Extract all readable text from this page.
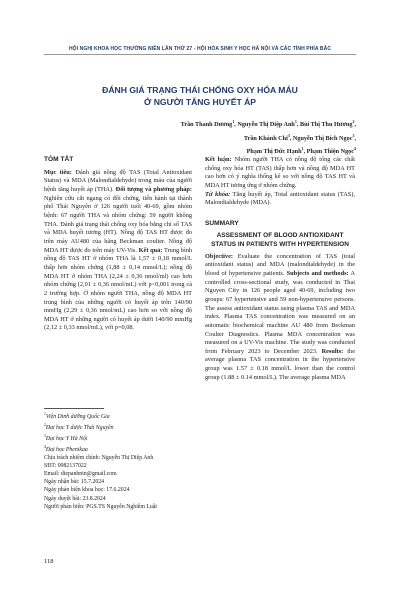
HỘI NGHỊ KHOA HỌC THƯỜNG NIÊN LẦN THỨ 27 - HỘI HÓA SINH Y HỌC HÀ NỘI VÀ CÁC TỈNH PHÍA BẮC
ĐÁNH GIÁ TRẠNG THÁI CHỐNG OXY HÓA MÁU
Ở NGƯỜI TĂNG HUYẾT ÁP
Trần Thanh Dương$^1$, Nguyễn Thị Diệp Anh$^1$, Bùi Thị Thu Hương$^2$,
Trần Khánh Chi$^3$, Nguyễn Thị Bích Ngọc$^3$,
Phạm Thị Đức Hạnh$^1$, Phạm Thiện Ngọc$^4$
TÓM TẮT

Mục tiêu: Đánh giá nồng độ TAS (Total Antioxidant Status) và MDA (Malondialdehyde) trong máu của người bệnh tăng huyết áp (THA). Đối tượng và phương pháp: Nghiên cứu cắt ngang có đối chứng, tiến hành tại thành phố Thái Nguyên ở 126 người tuổi 40-69, gồm nhóm bệnh: 67 người THA và nhóm chứng: 59 người không THA. Đánh giá trạng thái chống oxy hóa bằng chỉ số TAS và MDA huyết tương (HT). Nồng độ TAS HT được đo trên máy AU480 của hãng Beckman coulter. Nồng độ MDA HT được đo trên máy UV-Vis. Kết quả: Trung bình nồng độ TAS HT ở nhóm THA là 1,57 ± 0,18 mmol/L thấp hơn nhóm chứng (1,88 ± 0,14 mmol/L); nồng độ MDA HT ở nhóm THA (2,24 ± 0,36 nmol/ml) cao hơn nhóm chứng (2,01 ± 0,36 nmol/mL) với p<0,001 trong cả 2 trường hợp. Ở nhóm người THA, nồng độ MDA HT trung bình của những người có huyết áp trên 140/90 mmHg (2,29 ± 0,36 nmol/mL) cao hơn so với nồng độ MDA HT ở những người có huyết áp dưới 140/90 mmHg (2,12 ± 0,33 nmol/mL), với p=0,08.

$^1$Viện Dinh dưỡng Quốc Gia
$^2$Đại học Y dược Thái Nguyên
$^3$Đại học Y Hà Nội
$^4$Đại học Phenikaa
Chịu trách nhiệm chính: Nguyễn Thị Diệp Anh
SĐT: 0982137022
Email: diepanhnin@gmail.com
Ngày nhận bài: 15.7.2024
Ngày phản biện khoa học: 17.6.2024
Ngày duyệt bài: 23.8.2024
Người phản biện: PGS.TS Nguyễn Nghiêm Luật
118

Kết luận: Nhóm người THA có nồng độ tổng các chất chống oxy hóa HT (TAS) thấp hơn và nồng độ MDA HT cao hơn có ý nghĩa thống kê so với nồng độ TAS HT và MDA HT tương ứng ở nhóm chứng.

Từ khóa: Tăng huyết áp, Total antioxidant status (TAS), Malondialdehyde (MDA).

SUMMARY
ASSESSMENT OF BLOOD ANTIOXIDANT STATUS IN PATIENTS WITH HYPERTENSION

Objective: Evaluate the concentration of TAS (total antioxidant status) and MDA (malondialdehyde) in the blood of hypertensive patients. Subjects and methods: A controlled cross-sectional study, was conducted in Thai Nguyen City in 126 people aged 40-69, including two groups: 67 hypertensive and 59 non-hypertensive persons. The assess antioxidant status using plasma TAS and MDA index. Plasma TAS concentration was measured on an automatic biochemical machine AU 480 from Beckman Coulter Diagnostics. Plasma MDA concentration was measured on a UV-Vis machine. The study was conducted from February 2023 to December 2023. Results: the average plasma TAS concentration in the hypertensive group was 1.57 ± 0.18 mmol/L lower than the control group (1.88 ± 0.14 mmol/L). The average plasma MDA
